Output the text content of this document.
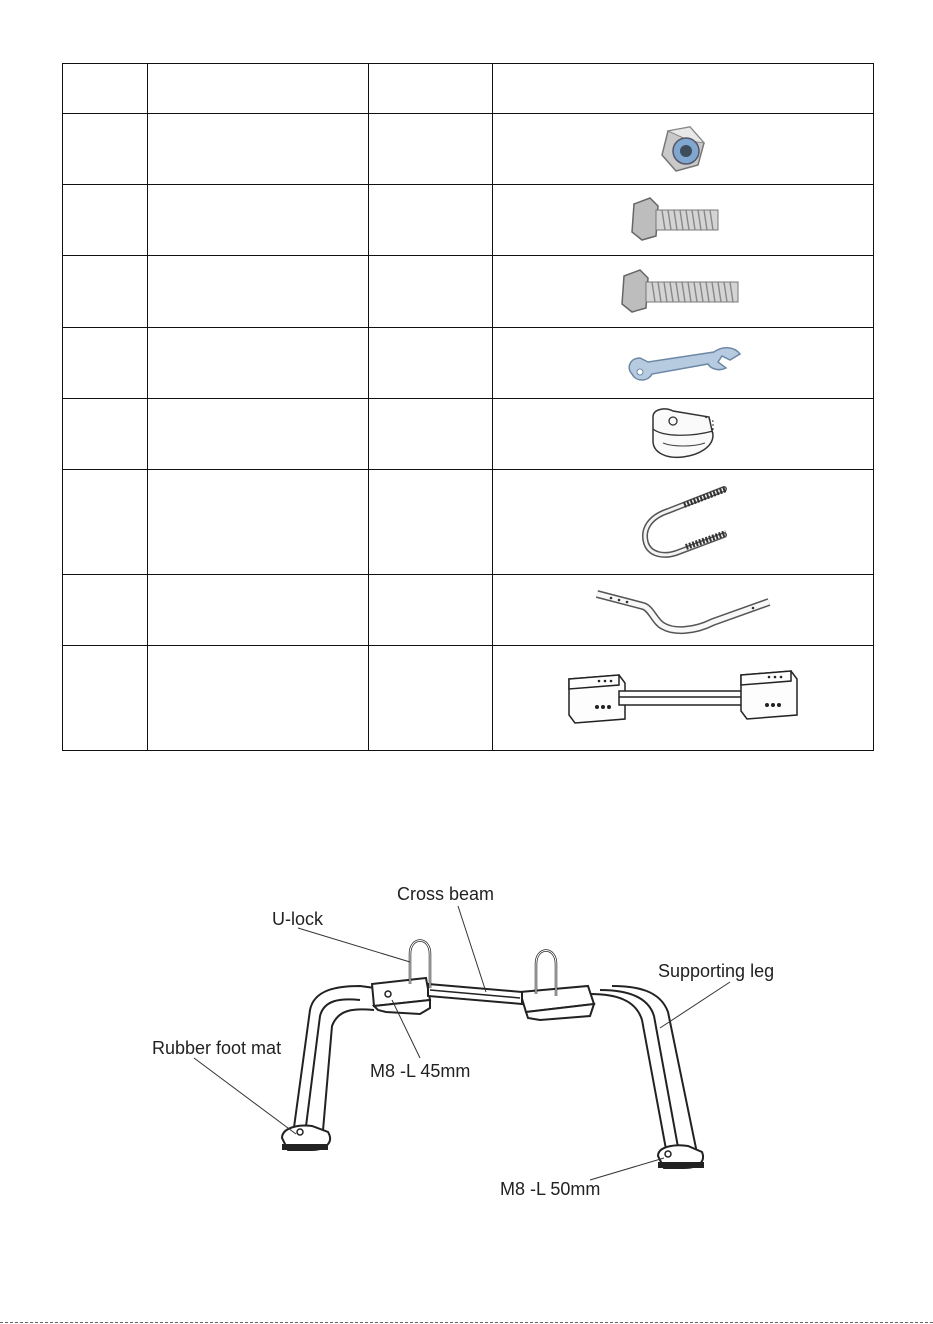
Cross beam
U-lock
Supporting leg
Rubber foot mat
M8 -L 45mm
M8 -L 50mm
